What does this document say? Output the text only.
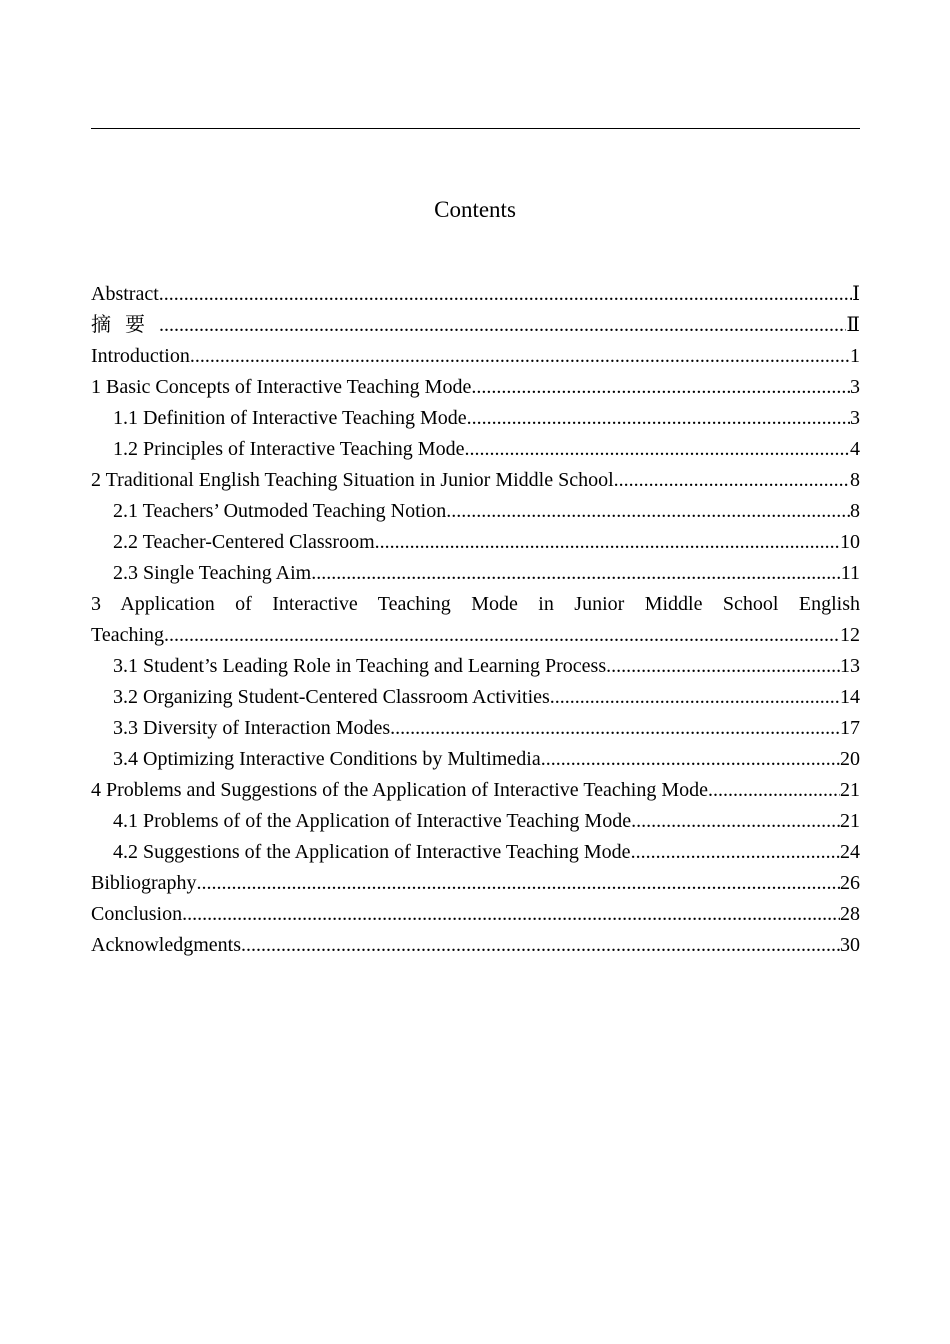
Contents
Abstract .....	Ⅰ
摘要 .....	Ⅱ
Introduction .....	1
1 Basic Concepts of Interactive Teaching Mode .....	3
1.1 Definition of Interactive Teaching Mode .....	3
1.2 Principles of Interactive Teaching Mode .....	4
2 Traditional English Teaching Situation in Junior Middle School .....	8
2.1 Teachers’ Outmoded Teaching Notion .....	8
2.2 Teacher-Centered Classroom .....	10
2.3 Single Teaching Aim .....	11
3 Application of Interactive Teaching Mode in Junior Middle School English
Teaching .....	12
3.1 Student’s Leading Role in Teaching and Learning Process .....	13
3.2 Organizing Student-Centered Classroom Activities .....	14
3.3 Diversity of Interaction Modes .....	17
3.4 Optimizing Interactive Conditions by Multimedia .....	20
4 Problems and Suggestions of the Application of Interactive Teaching Mode .....	21
4.1 Problems of of the Application of Interactive Teaching Mode .....	21
4.2 Suggestions of the Application of Interactive Teaching Mode .....	24
Bibliography .....	26
Conclusion .....	28
Acknowledgments .....	30
